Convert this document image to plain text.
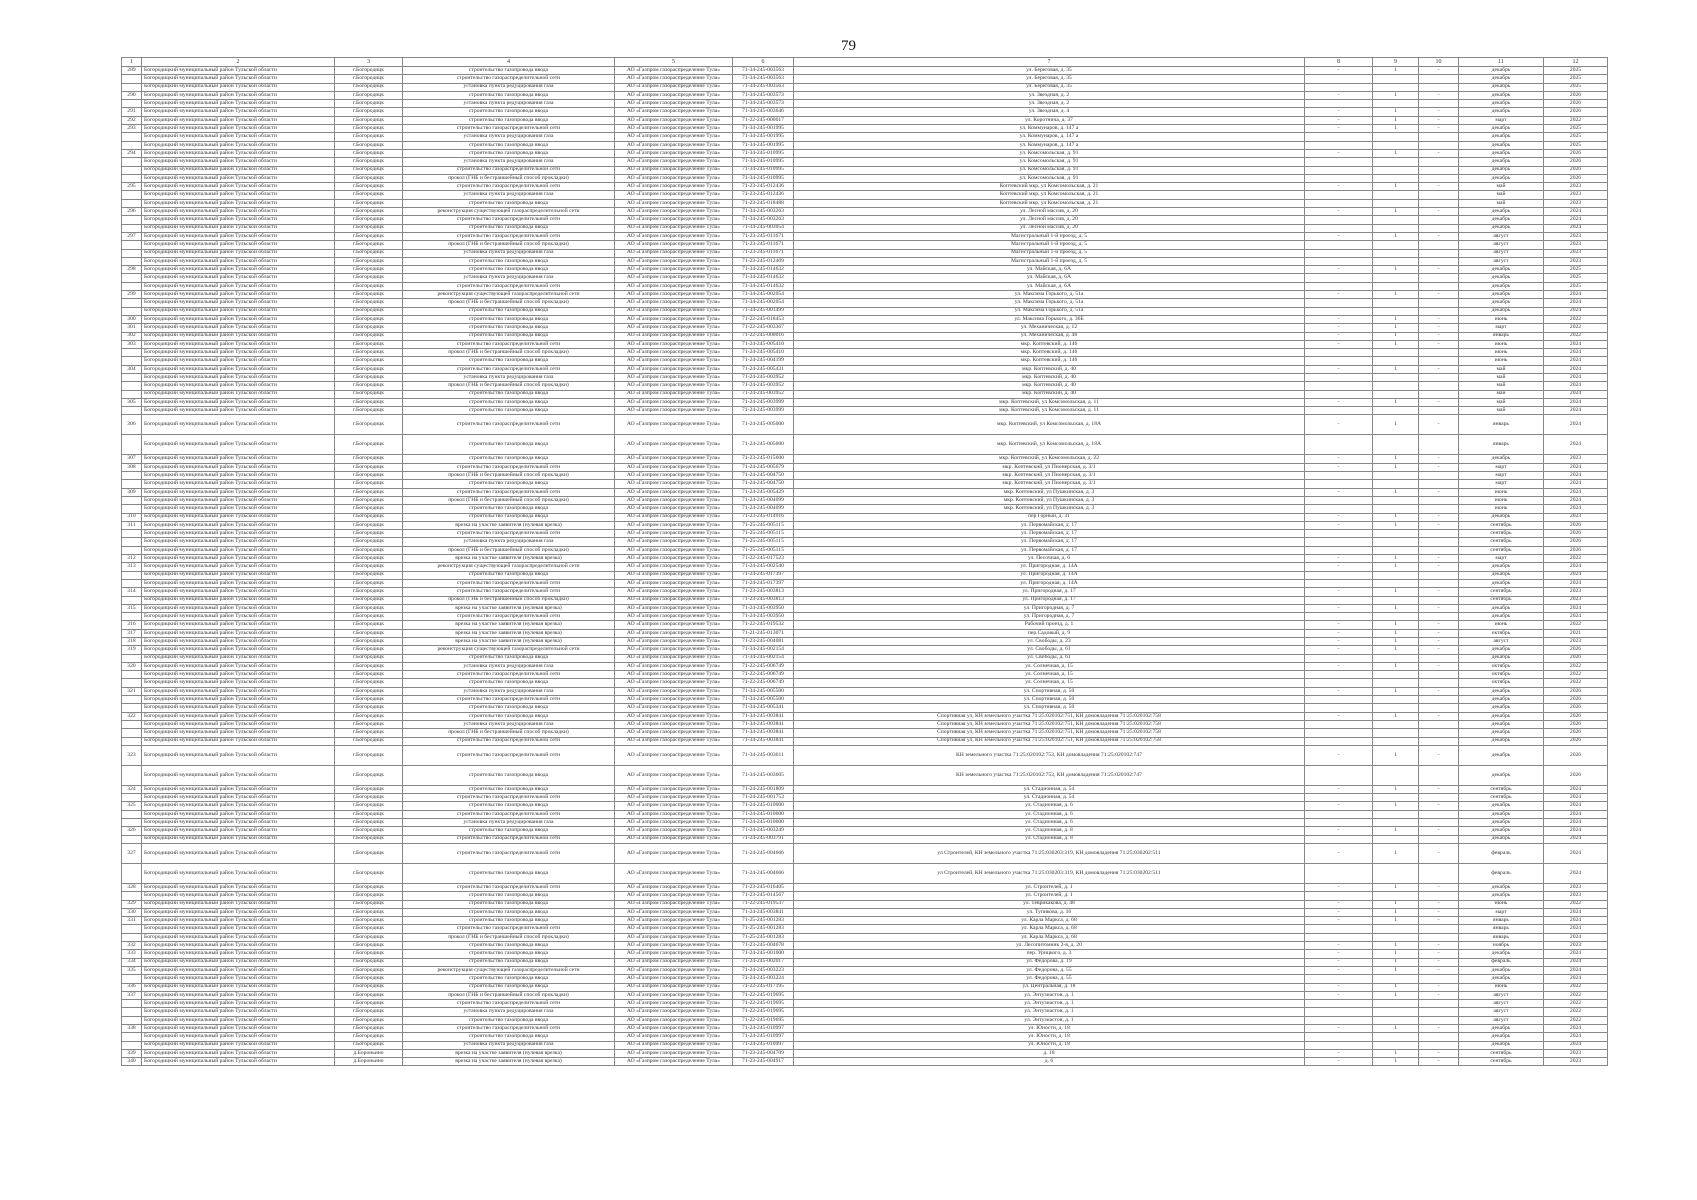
79
1	2	3	4	5	6	7	8	9	10	11	12
289	Богородицкий муниципальный район Тульской области	г.Богородицк	строительство газопровода ввода	АО «Газпром газораспределение Тула»	71-34-245-003563	ул. Береговая, д. 35	-	1	-	декабрь	2025
	Богородицкий муниципальный район Тульской области	г.Богородицк	строительство газораспределительной сети	АО «Газпром газораспределение Тула»	71-34-245-003563	ул. Береговая, д. 35				декабрь	2025
	Богородицкий муниципальный район Тульской области	г.Богородицк	установка пункта редуцирования газа	АО «Газпром газораспределение Тула»	71-34-245-003563	ул. Береговая, д. 35				декабрь	2025
290	Богородицкий муниципальный район Тульской области	г.Богородицк	строительство газопровода ввода	АО «Газпром газораспределение Тула»	71-34-245-003573	ул. Звездная, д. 2	-	1	-	декабрь	2026
	Богородицкий муниципальный район Тульской области	г.Богородицк	установка пункта редуцирования газа	АО «Газпром газораспределение Тула»	71-34-245-003573	ул. Звездная, д. 2				декабрь	2026
291	Богородицкий муниципальный район Тульской области	г.Богородицк	строительство газопровода ввода	АО «Газпром газораспределение Тула»	71-34-245-003646	ул. Звездная, д. 4	-	1	-	декабрь	2026
292	Богородицкий муниципальный район Тульской области	г.Богородицк	строительство газопровода ввода	АО «Газпром газораспределение Тула»	71-22-245-000017	ул. Коротнича, д. 37	-	1	-	март	2022
293	Богородицкий муниципальный район Тульской области	г.Богородицк	строительство газораспределительной сети	АО «Газпром газораспределение Тула»	71-34-245-001995	ул. Коммунаров, д. 147 а	-	1	-	декабрь	2025
	Богородицкий муниципальный район Тульской области	г.Богородицк	установка пункта редуцирования газа	АО «Газпром газораспределение Тула»	71-34-245-001995	ул. Коммунаров, д. 147 а				декабрь	2025
	Богородицкий муниципальный район Тульской области	г.Богородицк	строительство газопровода ввода	АО «Газпром газораспределение Тула»	71-34-245-001995	ул. Коммунаров, д. 147 а				декабрь	2025
294	Богородицкий муниципальный район Тульской области	г.Богородицк	строительство газопровода ввода	АО «Газпром газораспределение Тула»	71-34-245-010995	ул. Комсомольская, д. 91	-	1	-	декабрь	2026
	Богородицкий муниципальный район Тульской области	г.Богородицк	установка пункта редуцирования газа	АО «Газпром газораспределение Тула»	71-34-245-010995	ул. Комсомольская, д. 91				декабрь	2026
	Богородицкий муниципальный район Тульской области	г.Богородицк	строительство газораспределительной сети	АО «Газпром газораспределение Тула»	71-34-245-010995	ул. Комсомольская, д. 91				декабрь	2026
	Богородицкий муниципальный район Тульской области	г.Богородицк	прокол (ГНБ и бестраншейный способ прокладки)	АО «Газпром газораспределение Тула»	71-34-245-010995	ул. Комсомольская, д. 91				декабрь	2026
295	Богородицкий муниципальный район Тульской области	г.Богородицк	строительство газораспределительной сети	АО «Газпром газораспределение Тула»	71-23-245-012436	Коптевский мкр, ул Комсомольская, д. 21	-	1	-	май	2023
	Богородицкий муниципальный район Тульской области	г.Богородицк	установка пункта редуцирования газа	АО «Газпром газораспределение Тула»	71-23-245-012436	Коптевский мкр, ул Комсомольская, д. 21				май	2023
	Богородицкий муниципальный район Тульской области	г.Богородицк	строительство газопровода ввода	АО «Газпром газораспределение Тула»	71-23-245-018488	Коптевский мкр, ул Комсомольская, д. 21				май	2023
296	Богородицкий муниципальный район Тульской области	г.Богородицк	реконструкция существующей газораспределительной сети	АО «Газпром газораспределение Тула»	71-34-245-003263	ул. Лесной массив, д. 20	-	1	-	декабрь	2024
	Богородицкий муниципальный район Тульской области	г.Богородицк	строительство газораспределительной сети	АО «Газпром газораспределение Тула»	71-34-245-003263	ул. Лесной массив, д. 20				декабрь	2024
	Богородицкий муниципальный район Тульской области	г.Богородицк	строительство газопровода ввода	АО «Газпром газораспределение Тула»	71-34-245-003054	ул. Лесной массив, д. 20				декабрь	2024
297	Богородицкий муниципальный район Тульской области	г.Богородицк	строительство газораспределительной сети	АО «Газпром газораспределение Тула»	71-23-245-011671	Магистральный 1-й проезд, д. 5	-	1	-	август	2023
	Богородицкий муниципальный район Тульской области	г.Богородицк	прокол (ГНБ и бестраншейный способ прокладки)	АО «Газпром газораспределение Тула»	71-23-245-011671	Магистральный 1-й проезд, д. 5				август	2023
	Богородицкий муниципальный район Тульской области	г.Богородицк	установка пункта редуцирования газа	АО «Газпром газораспределение Тула»	71-23-245-011671	Магистральный 1-й проезд, д. 5				август	2023
	Богородицкий муниципальный район Тульской области	г.Богородицк	строительство газопровода ввода	АО «Газпром газораспределение Тула»	71-23-245-012409	Магистральный 1-й проезд, д. 5				август	2023
298	Богородицкий муниципальный район Тульской области	г.Богородицк	строительство газопровода ввода	АО «Газпром газораспределение Тула»	71-34-245-014632	ул. Майская, д. 6А	-	1	-	декабрь	2025
	Богородицкий муниципальный район Тульской области	г.Богородицк	установка пункта редуцирования газа	АО «Газпром газораспределение Тула»	71-34-245-014632	ул. Майская, д. 6А				декабрь	2025
	Богородицкий муниципальный район Тульской области	г.Богородицк	строительство газораспределительной сети	АО «Газпром газораспределение Тула»	71-34-245-014632	ул. Майская, д. 6А				декабрь	2025
299	Богородицкий муниципальный район Тульской области	г.Богородицк	реконструкция существующей газораспределительной сети	АО «Газпром газораспределение Тула»	71-34-245-002054	ул. Максима Горького, д. 51а	-	1	-	декабрь	2024
	Богородицкий муниципальный район Тульской области	г.Богородицк	прокол (ГНБ и бестраншейный способ прокладки)	АО «Газпром газораспределение Тула»	71-34-245-002054	ул. Максима Горького, д. 51а				декабрь	2024
	Богородицкий муниципальный район Тульской области	г.Богородицк	строительство газопровода ввода	АО «Газпром газораспределение Тула»	71-34-245-001499	ул. Максима Горького, д. 51а				декабрь	2024
300	Богородицкий муниципальный район Тульской области	г.Богородицк	строительство газопровода ввода	АО «Газпром газораспределение Тула»	71-22-245-018453	ул. Максима Горького, д. 36Б	-	1	-	июнь	2022
301	Богородицкий муниципальный район Тульской области	г.Богородицк	строительство газопровода ввода	АО «Газпром газораспределение Тула»	71-22-245-003367	ул. Механическая, д. 12	-	1	-	март	2022
302	Богородицкий муниципальный район Тульской области	г.Богородицк	строительство газопровода ввода	АО «Газпром газораспределение Тула»	71-22-245-000016	ул. Механическая, д. 48	-	1	-	январь	2022
303	Богородицкий муниципальный район Тульской области	г.Богородицк	строительство газораспределительной сети	АО «Газпром газораспределение Тула»	71-24-245-005410	мкр. Коптевский, д. 146	-	1	-	июнь	2024
	Богородицкий муниципальный район Тульской области	г.Богородицк	прокол (ГНБ и бестраншейный способ прокладки)	АО «Газпром газораспределение Тула»	71-24-245-005410	мкр. Коптевский, д. 146				июнь	2024
	Богородицкий муниципальный район Тульской области	г.Богородицк	строительство газопровода ввода	АО «Газпром газораспределение Тула»	71-24-245-004199	мкр. Коптевский, д. 146				июнь	2024
304	Богородицкий муниципальный район Тульской области	г.Богородицк	строительство газораспределительной сети	АО «Газпром газораспределение Тула»	71-24-245-005431	мкр. Коптевский, д. 40	-	1	-	май	2024
	Богородицкий муниципальный район Тульской области	г.Богородицк	установка пункта редуцирования газа	АО «Газпром газораспределение Тула»	71-24-245-003952	мкр. Коптевский, д. 40				май	2024
	Богородицкий муниципальный район Тульской области	г.Богородицк	прокол (ГНБ и бестраншейный способ прокладки)	АО «Газпром газораспределение Тула»	71-24-245-003952	мкр. Коптевский, д. 40				май	2024
	Богородицкий муниципальный район Тульской области	г.Богородицк	строительство газопровода ввода	АО «Газпром газораспределение Тула»	71-24-245-003952	мкр. Коптевский, д. 40				май	2024
305	Богородицкий муниципальный район Тульской области	г.Богородицк	строительство газопровода ввода	АО «Газпром газораспределение Тула»	71-24-245-003999	мкр. Коптевский, ул Комсомольская, д. 11	-	1	-	май	2024
	Богородицкий муниципальный район Тульской области	г.Богородицк	строительство газопровода ввода	АО «Газпром газораспределение Тула»	71-24-245-003999	мкр. Коптевский, ул Комсомольская, д. 11				май	2024
306	Богородицкий муниципальный район Тульской области	г.Богородицк	строительство газораспределительной сети	АО «Газпром газораспределение Тула»	71-24-245-005000	мкр. Коптевский, ул Комсомольская, д. 18А	-	1	-	январь	2024
	Богородицкий муниципальный район Тульской области	г.Богородицк	строительство газопровода ввода	АО «Газпром газораспределение Тула»	71-24-245-005000	мкр. Коптевский, ул Комсомольская, д. 18А				январь	2024
307	Богородицкий муниципальный район Тульской области	г.Богородицк	строительство газопровода ввода	АО «Газпром газораспределение Тула»	71-23-245-015600	мкр. Коптевский, ул Комсомольская, д. 22	-	1	-	декабрь	2023
308	Богородицкий муниципальный район Тульской области	г.Богородицк	строительство газораспределительной сети	АО «Газпром газораспределение Тула»	71-24-245-005679	мкр. Коптевский, ул Пионерская, д. 3/1	-	1	-	март	2024
	Богородицкий муниципальный район Тульской области	г.Богородицк	прокол (ГНБ и бестраншейный способ прокладки)	АО «Газпром газораспределение Тула»	71-24-245-004750	мкр. Коптевский, ул Пионерская, д. 3/1				март	2024
	Богородицкий муниципальный район Тульской области	г.Богородицк	строительство газопровода ввода	АО «Газпром газораспределение Тула»	71-24-245-004750	мкр. Коптевский, ул Пионерская, д. 3/1				март	2024
309	Богородицкий муниципальный район Тульской области	г.Богородицк	строительство газораспределительной сети	АО «Газпром газораспределение Тула»	71-24-245-005429	мкр. Коптевский, ул Пушкинская, д. 3	-	1	-	июнь	2024
	Богородицкий муниципальный район Тульской области	г.Богородицк	прокол (ГНБ и бестраншейный способ прокладки)	АО «Газпром газораспределение Тула»	71-24-245-004099	мкр. Коптевский, ул Пушкинская, д. 3				июнь	2024
	Богородицкий муниципальный район Тульской области	г.Богородицк	строительство газопровода ввода	АО «Газпром газораспределение Тула»	71-24-245-004099	мкр. Коптевский, ул Пушкинская, д. 3				июнь	2024
310	Богородицкий муниципальный район Тульской области	г.Богородицк	строительство газопровода ввода	АО «Газпром газораспределение Тула»	71-23-245-014916	пер Горный, д. 31	-	1	-	декабрь	2023
311	Богородицкий муниципальный район Тульской области	г.Богородицк	врезка на участке заявителя (нулевая врезка)	АО «Газпром газораспределение Тула»	71-25-245-005115	ул. Первомайская, д. 17	-	1	-	сентябрь	2026
	Богородицкий муниципальный район Тульской области	г.Богородицк	строительство газораспределительной сети	АО «Газпром газораспределение Тула»	71-25-245-005115	ул. Первомайская, д. 17				сентябрь	2026
	Богородицкий муниципальный район Тульской области	г.Богородицк	установка пункта редуцирования газа	АО «Газпром газораспределение Тула»	71-25-245-005115	ул. Первомайская, д. 17				сентябрь	2026
	Богородицкий муниципальный район Тульской области	г.Богородицк	прокол (ГНБ и бестраншейный способ прокладки)	АО «Газпром газораспределение Тула»	71-25-245-005115	ул. Первомайская, д. 17				сентябрь	2026
312	Богородицкий муниципальный район Тульской области	г.Богородицк	врезка на участке заявителя (нулевая врезка)	АО «Газпром газораспределение Тула»	71-22-245-017523	ул. Песочная, д. 6	-	1	-	март	2022
313	Богородицкий муниципальный район Тульской области	г.Богородицк	реконструкция существующей газораспределительной сети	АО «Газпром газораспределение Тула»	71-24-245-002540	ул. Пригородная, д. 14А	-	1	-	декабрь	2024
	Богородицкий муниципальный район Тульской области	г.Богородицк	строительство газопровода ввода	АО «Газпром газораспределение Тула»	71-24-245-017397	ул. Пригородная, д. 14А				декабрь	2024
	Богородицкий муниципальный район Тульской области	г.Богородицк	строительство газораспределительной сети	АО «Газпром газораспределение Тула»	71-24-245-017397	ул. Пригородная, д. 14А				декабрь	2024
314	Богородицкий муниципальный район Тульской области	г.Богородицк	строительство газораспределительной сети	АО «Газпром газораспределение Тула»	71-23-245-003813	ул. Пригородная, д. 17	-	1	-	сентябрь	2023
	Богородицкий муниципальный район Тульской области	г.Богородицк	прокол (ГНБ и бестраншейный способ прокладки)	АО «Газпром газораспределение Тула»	71-23-245-003813	ул. Пригородная, д. 17				сентябрь	2023
315	Богородицкий муниципальный район Тульской области	г.Богородицк	врезка на участке заявителя (нулевая врезка)	АО «Газпром газораспределение Тула»	71-24-245-003950	ул. Пригородная, д. 7	-	1	-	декабрь	2024
	Богородицкий муниципальный район Тульской области	г.Богородицк	строительство газораспределительной сети	АО «Газпром газораспределение Тула»	71-24-245-003950	ул. Пригородная, д. 7				декабрь	2024
316	Богородицкий муниципальный район Тульской области	г.Богородицк	врезка на участке заявителя (нулевая врезка)	АО «Газпром газораспределение Тула»	71-22-245-019532	Рабочий проезд, д. 1	-	1	-	июнь	2022
317	Богородицкий муниципальный район Тульской области	г.Богородицк	врезка на участке заявителя (нулевая врезка)	АО «Газпром газораспределение Тула»	71-21-245-013071	пер.Садовый, д. 9	-	1	-	октябрь	2021
318	Богородицкий муниципальный район Тульской области	г.Богородицк	врезка на участке заявителя (нулевая врезка)	АО «Газпром газораспределение Тула»	71-23-245-004081	ул. Свободы, д. 23	-	1	-	август	2023
319	Богородицкий муниципальный район Тульской области	г.Богородицк	реконструкция существующей газораспределительной сети	АО «Газпром газораспределение Тула»	71-34-245-002154	ул. Свободы, д. 61	-	1	-	декабрь	2026
	Богородицкий муниципальный район Тульской области	г.Богородицк	строительство газопровода ввода	АО «Газпром газораспределение Тула»	71-34-245-002154	ул. Свободы, д. 61				декабрь	2026
320	Богородицкий муниципальный район Тульской области	г.Богородицк	установка пункта редуцирования газа	АО «Газпром газораспределение Тула»	71-22-245-006749	ул. Солнечная, д. 15	-	1	-	октябрь	2022
	Богородицкий муниципальный район Тульской области	г.Богородицк	строительство газораспределительной сети	АО «Газпром газораспределение Тула»	71-22-245-006749	ул. Солнечная, д. 15				октябрь	2022
	Богородицкий муниципальный район Тульской области	г.Богородицк	строительство газопровода ввода	АО «Газпром газораспределение Тула»	71-22-245-006749	ул. Солнечная, д. 15				октябрь	2022
321	Богородицкий муниципальный район Тульской области	г.Богородицк	установка пункта редуцирования газа	АО «Газпром газораспределение Тула»	71-34-245-005500	ул. Спортивная, д. 50	-	1	-	декабрь	2026
	Богородицкий муниципальный район Тульской области	г.Богородицк	строительство газораспределительной сети	АО «Газпром газораспределение Тула»	71-34-245-005500	ул. Спортивная, д. 50				декабрь	2026
	Богородицкий муниципальный район Тульской области	г.Богородицк	строительство газопровода ввода	АО «Газпром газораспределение Тула»	71-34-245-005341	ул. Спортивная, д. 50				декабрь	2026
322	Богородицкий муниципальный район Тульской области	г.Богородицк	строительство газопровода ввода	АО «Газпром газораспределение Тула»	71-34-245-003841	Спортивная ул, КН земельного участка 71:25:020102:751, КН домовладения 71:25:020102:758	-	1	-	декабрь	2026
	Богородицкий муниципальный район Тульской области	г.Богородицк	установка пункта редуцирования газа	АО «Газпром газораспределение Тула»	71-34-245-003841	Спортивная ул, КН земельного участка 71:25:020102:751, КН домовладения 71:25:020102:758				декабрь	2026
	Богородицкий муниципальный район Тульской области	г.Богородицк	прокол (ГНБ и бестраншейный способ прокладки)	АО «Газпром газораспределение Тула»	71-34-245-003841	Спортивная ул, КН земельного участка 71:25:020102:751, КН домовладения 71:25:020102:758				декабрь	2026
	Богородицкий муниципальный район Тульской области	г.Богородицк	строительство газораспределительной сети	АО «Газпром газораспределение Тула»	71-34-245-003841	Спортивная ул, КН земельного участка 71:25:020102:751, КН домовладения 71:25:020102:758				декабрь	2026
323	Богородицкий муниципальный район Тульской области	г.Богородицк	строительство газораспределительной сети	АО «Газпром газораспределение Тула»	71-34-245-003611	КН земельного участка 71:25:020102:753, КН домовладения 71:25:020102:747	-	1	-	декабрь	2026
	Богородицкий муниципальный район Тульской области	г.Богородицк	строительство газопровода ввода	АО «Газпром газораспределение Тула»	71-34-245-003605	КН земельного участка 71:25:020102:753, КН домовладения 71:25:020102:747				декабрь	2026
324	Богородицкий муниципальный район Тульской области	г.Богородицк	строительство газопровода ввода	АО «Газпром газораспределение Тула»	71-24-245-001809	ул. Стадионная, д. 54	-	1	-	сентябрь	2024
	Богородицкий муниципальный район Тульской области	г.Богородицк	строительство газораспределительной сети	АО «Газпром газораспределение Тула»	71-24-245-001753	ул. Стадионная, д. 54				сентябрь	2024
325	Богородицкий муниципальный район Тульской области	г.Богородицк	строительство газопровода ввода	АО «Газпром газораспределение Тула»	71-24-245-010000	ул. Стадионная, д. 6	-	1	-	декабрь	2024
	Богородицкий муниципальный район Тульской области	г.Богородицк	строительство газораспределительной сети	АО «Газпром газораспределение Тула»	71-24-245-010000	ул. Стадионная, д. 6				декабрь	2024
	Богородицкий муниципальный район Тульской области	г.Богородицк	установка пункта редуцирования газа	АО «Газпром газораспределение Тула»	71-24-245-010000	ул. Стадионная, д. 6				декабрь	2024
326	Богородицкий муниципальный район Тульской области	г.Богородицк	строительство газопровода ввода	АО «Газпром газораспределение Тула»	71-24-245-003249	ул. Стадионная, д. 8	-	1	-	декабрь	2024
	Богородицкий муниципальный район Тульской области	г.Богородицк	строительство газораспределительной сети	АО «Газпром газораспределение Тула»	71-24-245-003791	ул. Стадионная, д. 8				декабрь	2024
327	Богородицкий муниципальный район Тульской области	г.Богородицк	строительство газораспределительной сети	АО «Газпром газораспределение Тула»	71-24-245-004666	ул Строителей, КН земельного участка 71:25:030203:319, КН домовладения 71:25:030202:511	-	1	-	февраль	2024
	Богородицкий муниципальный район Тульской области	г.Богородицк	строительство газопровода ввода	АО «Газпром газораспределение Тула»	71-24-245-004666	ул Строителей, КН земельного участка 71:25:030203:319, КН домовладения 71:25:030202:511				февраль	2024
328	Богородицкий муниципальный район Тульской области	г.Богородицк	строительство газораспределительной сети	АО «Газпром газораспределение Тула»	71-23-245-016405	ул. Строителей, д. 1	-	1	-	декабрь	2023
	Богородицкий муниципальный район Тульской области	г.Богородицк	строительство газопровода ввода	АО «Газпром газораспределение Тула»	71-23-245-014567	ул. Строителей, д. 1				декабрь	2023
329	Богородицкий муниципальный район Тульской области	г.Богородицк	строительство газопровода ввода	АО «Газпром газораспределение Тула»	71-22-245-019537	ул. Теврикакова, д. 48	-	1	-	июнь	2022
330	Богородицкий муниципальный район Тульской области	г.Богородицк	строительство газопровода ввода	АО «Газпром газораспределение Тула»	71-24-245-003841	ул. Тупикова, д. 16	-	1	-	март	2024
331	Богородицкий муниципальный район Тульской области	г.Богородицк	строительство газопровода ввода	АО «Газпром газораспределение Тула»	71-25-245-001283	ул. Карла Маркса, д. 68	-	1	-	январь	2024
	Богородицкий муниципальный район Тульской области	г.Богородицк	строительство газораспределительной сети	АО «Газпром газораспределение Тула»	71-25-245-001283	ул. Карла Маркса, д. 68				январь	2024
	Богородицкий муниципальный район Тульской области	г.Богородицк	прокол (ГНБ и бестраншейный способ прокладки)	АО «Газпром газораспределение Тула»	71-25-245-001283	ул. Карла Маркса, д. 68				январь	2024
332	Богородицкий муниципальный район Тульской области	г.Богородицк	строительство газопровода ввода	АО «Газпром газораспределение Тула»	71-23-245-004678	ул. Лесопитомник 2-я, д. 20	-	1	-	ноябрь	2023
333	Богородицкий муниципальный район Тульской области	г.Богородицк	строительство газопровода ввода	АО «Газпром газораспределение Тула»	71-24-245-001600	пер. Урицкого, д. 3	-	1	-	декабрь	2024
334	Богородицкий муниципальный район Тульской области	г.Богородицк	строительство газопровода ввода	АО «Газпром газораспределение Тула»	71-24-245-002017	ул. Федорова, д. 19	-	1	-	февраль	2024
335	Богородицкий муниципальный район Тульской области	г.Богородицк	реконструкция существующей газораспределительной сети	АО «Газпром газораспределение Тула»	71-24-245-003223	ул. Федорова, д. 55	-	1	-	декабрь	2024
	Богородицкий муниципальный район Тульской области	г.Богородицк	строительство газопровода ввода	АО «Газпром газораспределение Тула»	71-24-245-003224	ул. Федорова, д. 55				декабрь	2024
336	Богородицкий муниципальный район Тульской области	г.Богородицк	строительство газопровода ввода	АО «Газпром газораспределение Тула»	71-22-245-017195	ул. Центральная, д. 18	-	1	-	июнь	2022
337	Богородицкий муниципальный район Тульской области	г.Богородицк	прокол (ГНБ и бестраншейный способ прокладки)	АО «Газпром газораспределение Тула»	71-22-245-019695	ул. Энтузиастов, д. 1	-	1	-	август	2022
	Богородицкий муниципальный район Тульской области	г.Богородицк	строительство газораспределительной сети	АО «Газпром газораспределение Тула»	71-22-245-019695	ул. Энтузиастов, д. 1				август	2022
	Богородицкий муниципальный район Тульской области	г.Богородицк	установка пункта редуцирования газа	АО «Газпром газораспределение Тула»	71-22-245-019695	ул. Энтузиастов, д. 1				август	2022
	Богородицкий муниципальный район Тульской области	г.Богородицк	строительство газопровода ввода	АО «Газпром газораспределение Тула»	71-22-245-019695	ул. Энтузиастов, д. 1				август	2022
338	Богородицкий муниципальный район Тульской области	г.Богородицк	строительство газораспределительной сети	АО «Газпром газораспределение Тула»	71-24-245-010997	ул. Юности, д. 18	-	1	-	декабрь	2024
	Богородицкий муниципальный район Тульской области	г.Богородицк	строительство газопровода ввода	АО «Газпром газораспределение Тула»	71-24-245-010997	ул. Юности, д. 18				декабрь	2024
	Богородицкий муниципальный район Тульской области	г.Богородицк	установка пункта редуцирования газа	АО «Газпром газораспределение Тула»	71-24-245-010997	ул. Юности, д. 18				декабрь	2024
339	Богородицкий муниципальный район Тульской области	д.Бороньино	врезка на участке заявителя (нулевая врезка)	АО «Газпром газораспределение Тула»	71-23-245-004709	д. 18	-	1	-	сентябрь	2023
340	Богородицкий муниципальный район Тульской области	д.Бороньино	врезка на участке заявителя (нулевая врезка)	АО «Газпром газораспределение Тула»	71-23-245-004917	д. 6	-	1	-	сентябрь	2023
